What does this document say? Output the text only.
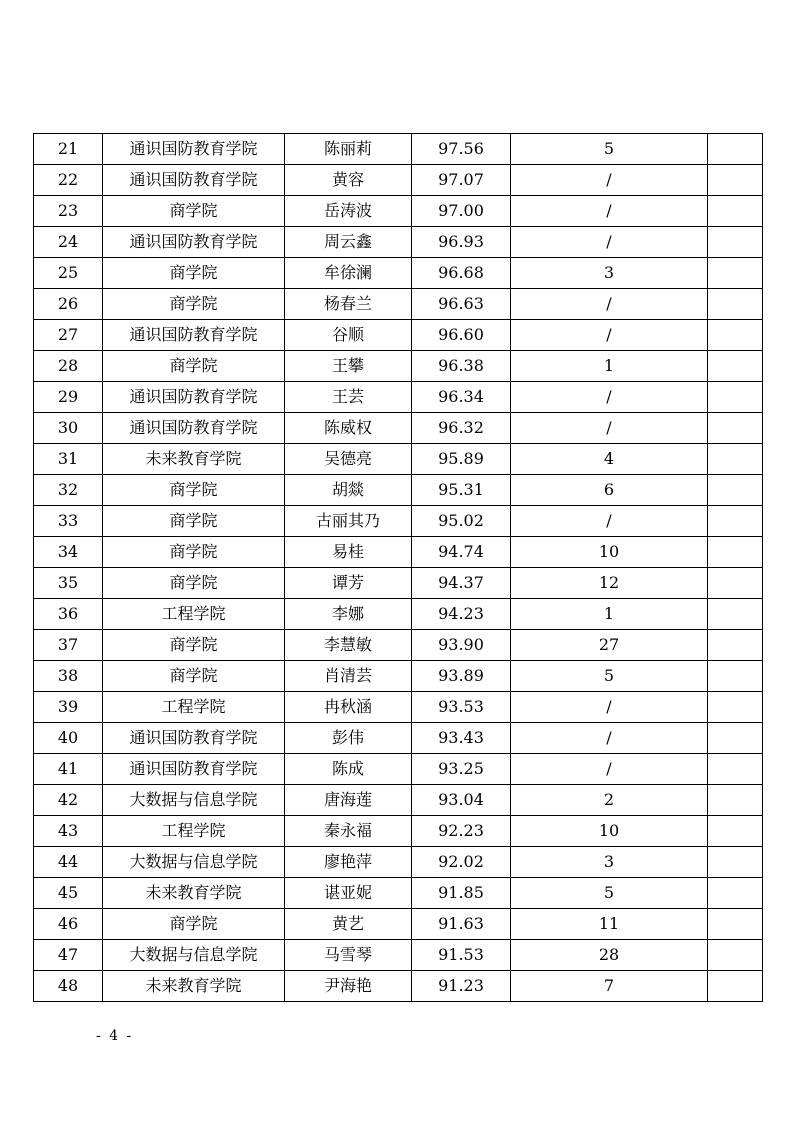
21	通识国防教育学院	陈丽莉	97.56	5	
22	通识国防教育学院	黄容	97.07	/	
23	商学院	岳涛波	97.00	/	
24	通识国防教育学院	周云鑫	96.93	/	
25	商学院	牟徐澜	96.68	3	
26	商学院	杨春兰	96.63	/	
27	通识国防教育学院	谷顺	96.60	/	
28	商学院	王攀	96.38	1	
29	通识国防教育学院	王芸	96.34	/	
30	通识国防教育学院	陈威权	96.32	/	
31	未来教育学院	吴德亮	95.89	4	
32	商学院	胡燚	95.31	6	
33	商学院	古丽其乃	95.02	/	
34	商学院	易桂	94.74	10	
35	商学院	谭芳	94.37	12	
36	工程学院	李娜	94.23	1	
37	商学院	李慧敏	93.90	27	
38	商学院	肖清芸	93.89	5	
39	工程学院	冉秋涵	93.53	/	
40	通识国防教育学院	彭伟	93.43	/	
41	通识国防教育学院	陈成	93.25	/	
42	大数据与信息学院	唐海莲	93.04	2	
43	工程学院	秦永福	92.23	10	
44	大数据与信息学院	廖艳萍	92.02	3	
45	未来教育学院	谌亚妮	91.85	5	
46	商学院	黄艺	91.63	11	
47	大数据与信息学院	马雪琴	91.53	28	
48	未来教育学院	尹海艳	91.23	7	
- 4 -
